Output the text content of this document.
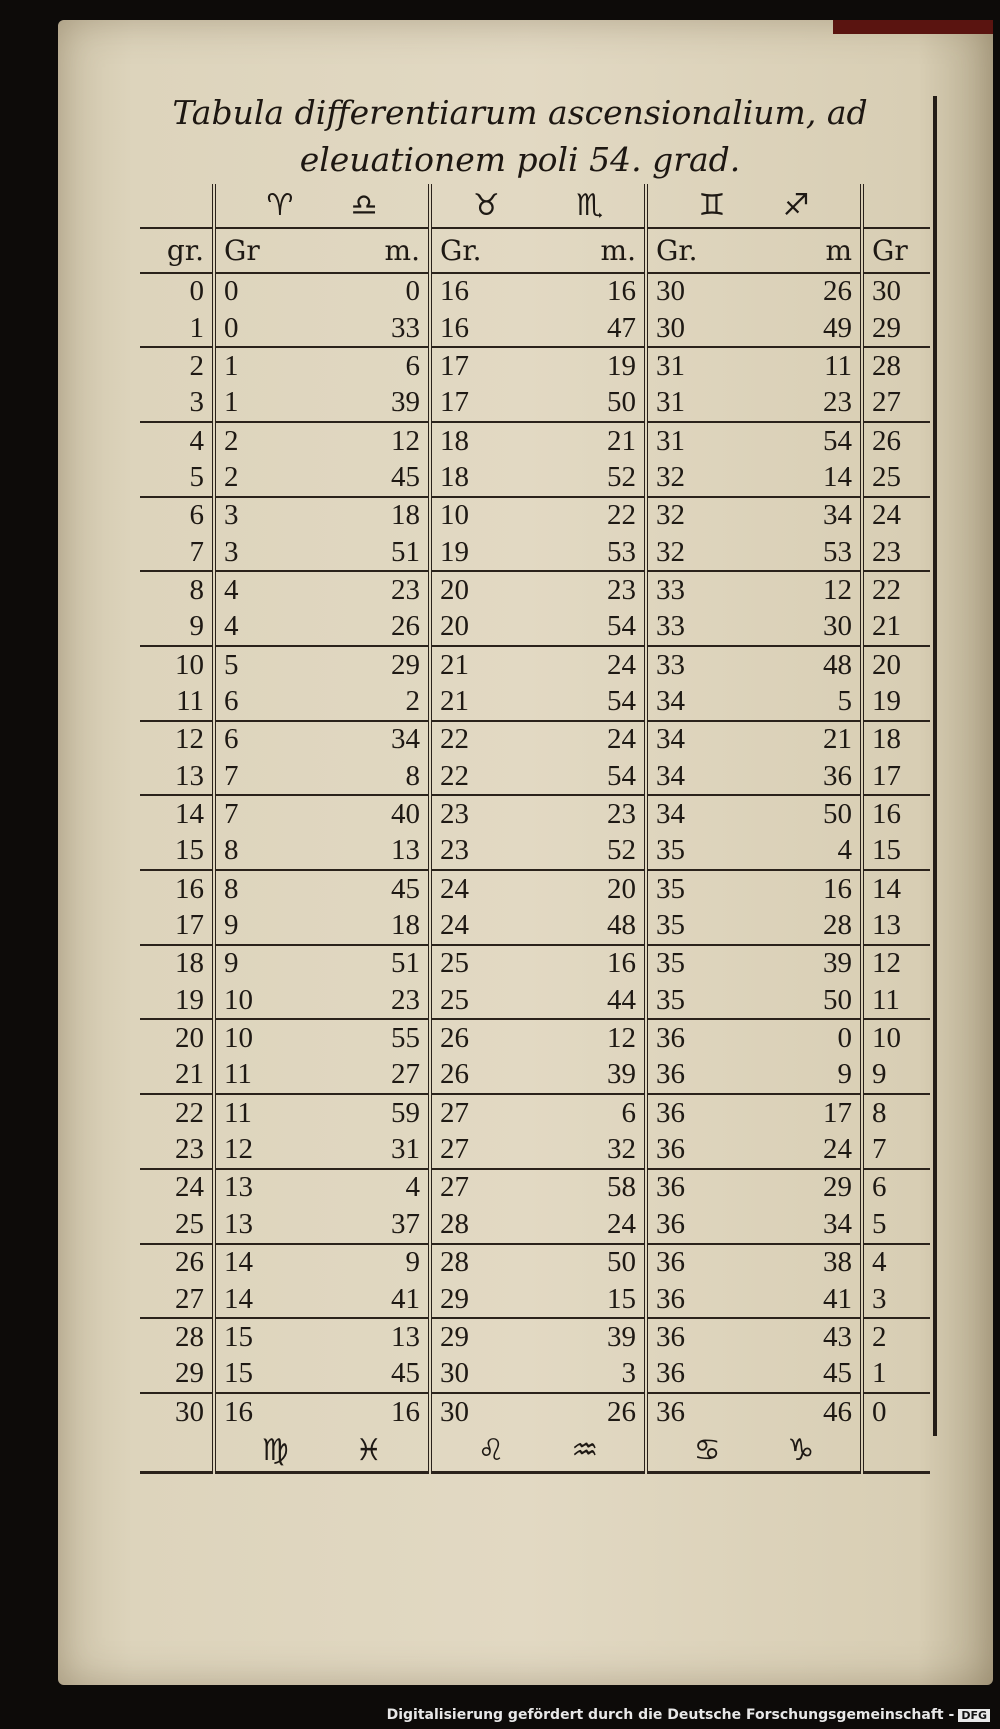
Tabula differentiarum ascensionalium, ad
eleuationem poli 54. grad.
	♈ ♎		♉ ♏		♊ ♐		
gr.	Gr	m.	Gr.	m.	Gr.	m	Gr
0	0	0	16	16	30	26	30
1	0	33	16	47	30	49	29
2	1	6	17	19	31	11	28
3	1	39	17	50	31	23	27
4	2	12	18	21	31	54	26
5	2	45	18	52	32	14	25
6	3	18	10	22	32	34	24
7	3	51	19	53	32	53	23
8	4	23	20	23	33	12	22
9	4	26	20	54	33	30	21
10	5	29	21	24	33	48	20
11	6	2	21	54	34	5	19
12	6	34	22	24	34	21	18
13	7	8	22	54	34	36	17
14	7	40	23	23	34	50	16
15	8	13	23	52	35	4	15
16	8	45	24	20	35	16	14
17	9	18	24	48	35	28	13
18	9	51	25	16	35	39	12
19	10	23	25	44	35	50	11
20	10	55	26	12	36	0	10
21	11	27	26	39	36	9	9
22	11	59	27	6	36	17	8
23	12	31	27	32	36	24	7
24	13	4	27	58	36	29	6
25	13	37	28	24	36	34	5
26	14	9	28	50	36	38	4
27	14	41	29	15	36	41	3
28	15	13	29	39	36	43	2
29	15	45	30	3	36	45	1
30	16	16	30	26	36	46	0
	♍ ♓		♌ ♒		♋ ♑		
Digitalisierung gefördert durch die Deutsche Forschungsgemeinschaft - DFG
